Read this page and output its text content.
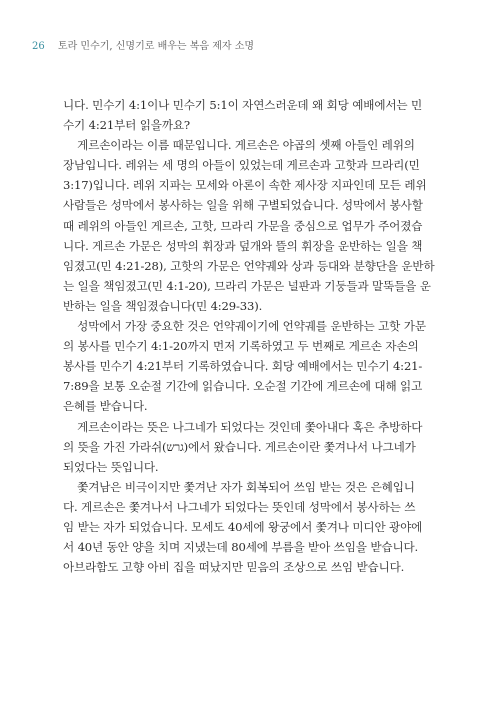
26 토라 민수기, 신명기로 배우는 복음 제자 소명
니다. 민수기 4:1이나 민수기 5:1이 자연스러운데 왜 회당 예배에서는 민
수기 4:21부터 읽을까요?
게르손이라는 이름 때문입니다. 게르손은 야곱의 셋째 아들인 레위의
장남입니다. 레위는 세 명의 아들이 있었는데 게르손과 고핫과 므라리(민
3:17)입니다. 레위 지파는 모세와 아론이 속한 제사장 지파인데 모든 레위
사람들은 성막에서 봉사하는 일을 위해 구별되었습니다. 성막에서 봉사할
때 레위의 아들인 게르손, 고핫, 므라리 가문을 중심으로 업무가 주어졌습
니다. 게르손 가문은 성막의 휘장과 덮개와 뜰의 휘장을 운반하는 일을 책
임졌고(민 4:21-28), 고핫의 가문은 언약궤와 상과 등대와 분향단을 운반하
는 일을 책임졌고(민 4:1-20), 므라리 가문은 널판과 기둥들과 말뚝들을 운
반하는 일을 책임졌습니다(민 4:29-33).
성막에서 가장 중요한 것은 언약궤이기에 언약궤를 운반하는 고핫 가문
의 봉사를 민수기 4:1-20까지 먼저 기록하였고 두 번째로 게르손 자손의
봉사를 민수기 4:21부터 기록하였습니다. 회당 예배에서는 민수기 4:21-
7:89을 보통 오순절 기간에 읽습니다. 오순절 기간에 게르손에 대해 읽고
은혜를 받습니다.
게르손이라는 뜻은 나그네가 되었다는 것인데 쫓아내다 혹은 추방하다
의 뜻을 가진 가라쉬(גרש)에서 왔습니다. 게르손이란 쫓겨나서 나그네가
되었다는 뜻입니다.
쫓겨남은 비극이지만 쫓겨난 자가 회복되어 쓰임 받는 것은 은혜입니
다. 게르손은 쫓겨나서 나그네가 되었다는 뜻인데 성막에서 봉사하는 쓰
임 받는 자가 되었습니다. 모세도 40세에 왕궁에서 쫓겨나 미디안 광야에
서 40년 동안 양을 치며 지냈는데 80세에 부름을 받아 쓰임을 받습니다.
아브라함도 고향 아비 집을 떠났지만 믿음의 조상으로 쓰임 받습니다.
